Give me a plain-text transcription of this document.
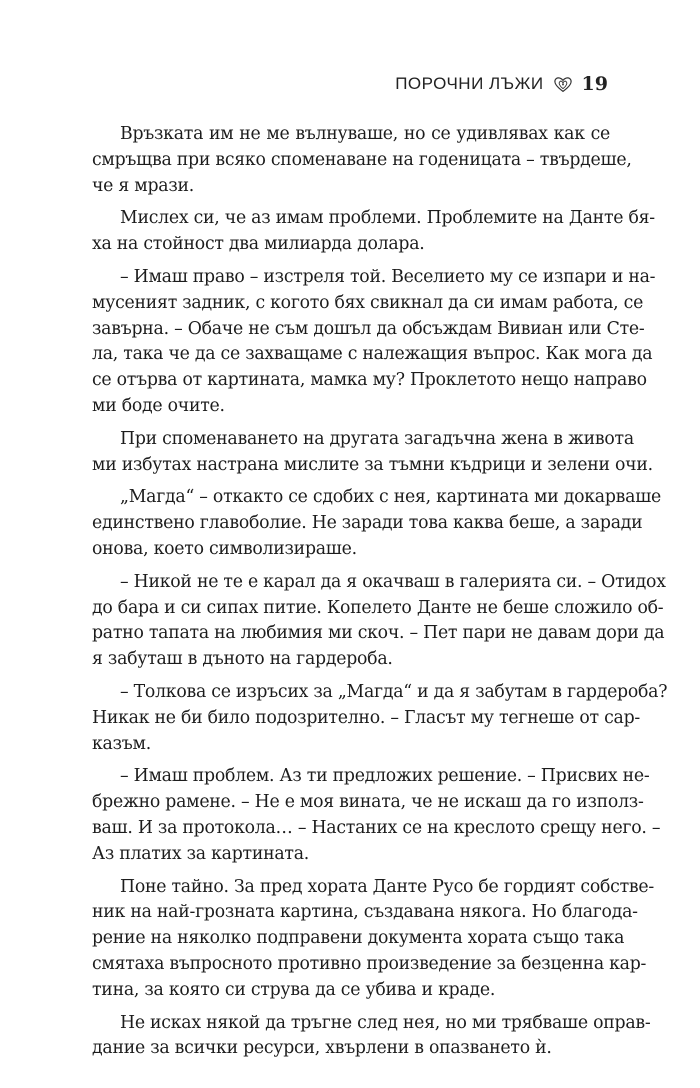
ПОРОЧНИ ЛЪЖИ 19
Връзката им не ме вълнуваше, но се удивлявах как се
смръщва при всяко споменаване на годеницата – твърдеше,
че я мрази.
Мислех си, че аз имам проблеми. Проблемите на Данте бя-
ха на стойност два милиарда долара.
– Имаш право – изстреля той. Веселието му се изпари и на-
мусеният задник, с когото бях свикнал да си имам работа, се
завърна. – Обаче не съм дошъл да обсъждам Вивиан или Сте-
ла, така че да се захващаме с належащия въпрос. Как мога да
се отърва от картината, мамка му? Проклетото нещо направо
ми боде очите.
При споменаването на другата загадъчна жена в живота
ми избутах настрана мислите за тъмни къдрици и зелени очи.
„Магда“ – откакто се сдобих с нея, картината ми докарваше
единствено главоболие. Не заради това каква беше, а заради
онова, което символизираше.
– Никой не те е карал да я окачваш в галерията си. – Отидох
до бара и си сипах питие. Копелето Данте не беше сложило об-
ратно тапата на любимия ми скоч. – Пет пари не давам дори да
я забуташ в дъното на гардероба.
– Толкова се изръсих за „Магда“ и да я забутам в гардероба?
Никак не би било подозрително. – Гласът му тегнеше от сар-
казъм.
– Имаш проблем. Аз ти предложих решение. – Присвих не-
брежно рамене. – Не е моя вината, че не искаш да го използ-
ваш. И за протокола… – Настаних се на креслото срещу него. –
Аз платих за картината.
Поне тайно. За пред хората Данте Русо бе гордият собстве-
ник на най-грозната картина, създавана някога. Но благода-
рение на няколко подправени документа хората също така
смятаха въпросното противно произведение за безценна кар-
тина, за която си струва да се убива и краде.
Не исках някой да тръгне след нея, но ми трябваше оправ-
дание за всички ресурси, хвърлени в опазването ѝ.
